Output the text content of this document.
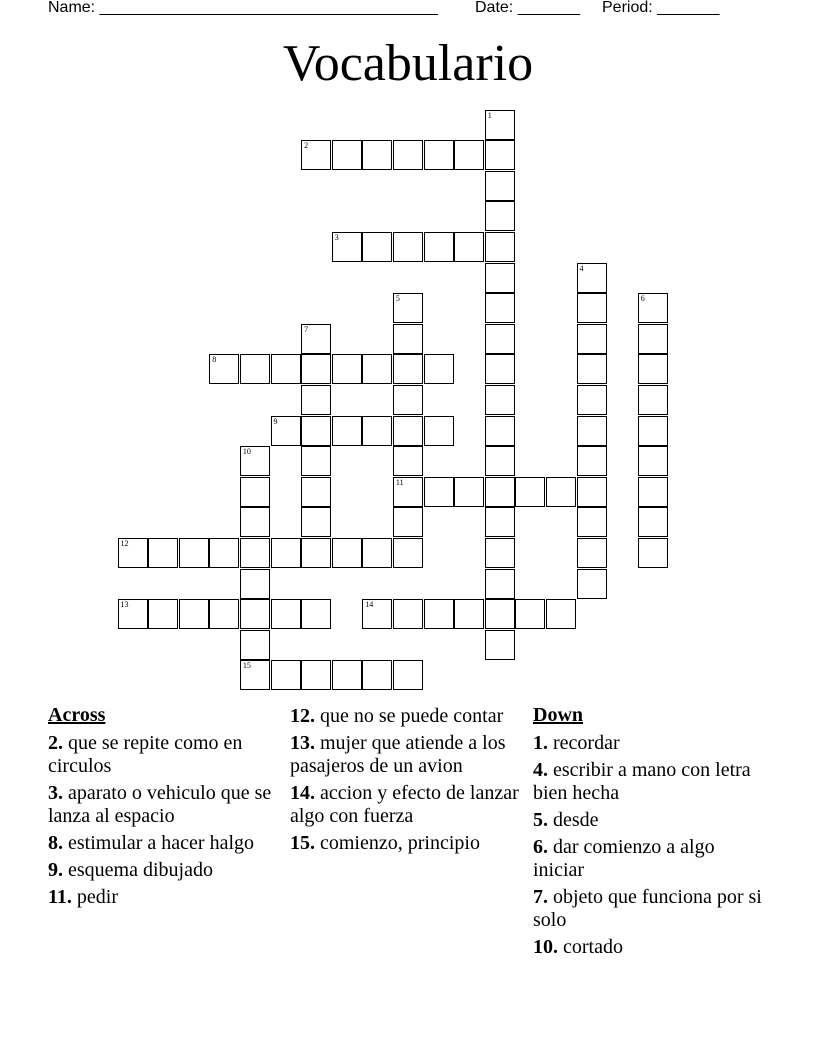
Name: ______________________________________ Date: _______ Period: _______
Vocabulario
1
2
3
4
5
11
6
7
8
9
10
15
12
13	14
Across
2. que se repite como en circulos
3. aparato o vehiculo que se lanza al espacio
8. estimular a hacer halgo
9. esquema dibujado
11. pedir
12. que no se puede contar
13. mujer que atiende a los pasajeros de un avion
14. accion y efecto de lanzar algo con fuerza
15. comienzo, principio
Down
1. recordar
4. escribir a mano con letra bien hecha
5. desde
6. dar comienzo a algo iniciar
7. objeto que funciona por si solo
10. cortado
